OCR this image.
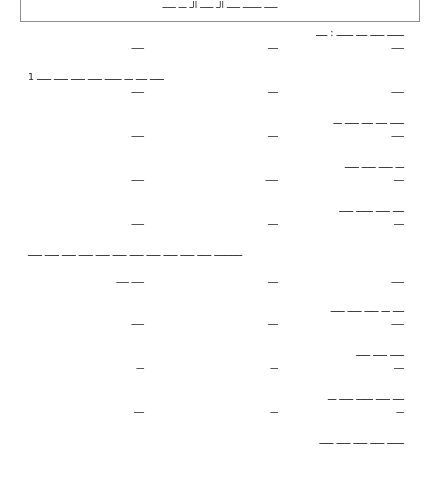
ـــــ ـــــــ ـــــ الـ ـــــ الـ ـــ ـــــ
ــــــ ـــــ ــــ ــــــ : ــــ
ـــــ
ــــ
ـــــ
ـــــ ــــ ـــ ــــــ ـــــ ـــــ ـــــ ـــــ 1
ـــــ
ــــ
ـــــ
ـــــ ــــ ــــ ـــــ ـــ
ـــــ
ــــ
ـــــ
ـــ ـــــ ـــــ ـــــ
ــــ
ـــــ
ـــــ
ــــ ـــــ ــــــ ـــــ
ــــ
ــــ
ـــــ
ــــــــــ ـــــ ـــــ ـــــ ـــــ ـــــ ـــــ ـــــ ـــــ ـــــ ـــــ ـــــ
ـــــ
ــــ
ـــــ ـــــ
ــــ ـــ ـــــ ـــــ ـــــ
ـــــ
ــــ
ـــــ
ـــــ ـــــ ـــــ
ــــ
ـــ
ـــ
ــــ ـــــ ــــــ ـــــ ـــ
ـــ
ـــ
ــــ
ــــــ ـــــ ـــــ ـــــ ـــــ
